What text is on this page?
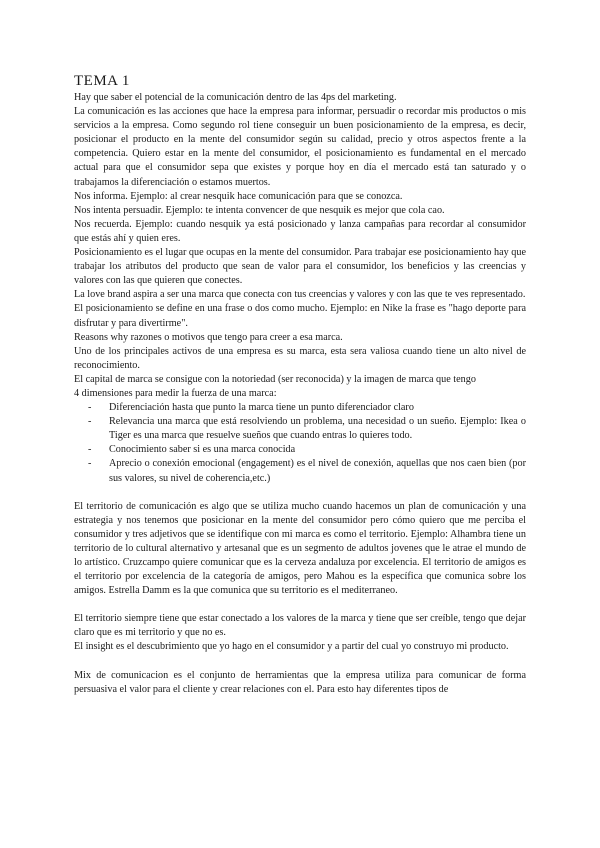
TEMA 1

Hay que saber el potencial de la comunicación dentro de las 4ps del marketing.

La comunicación es las acciones que hace la empresa para informar, persuadir o recordar mis productos o mis servicios a la empresa. Como segundo rol tiene conseguir un buen posicionamiento de la empresa, es decir, posicionar el producto en la mente del consumidor según su calidad, precio y otros aspectos frente a la competencia. Quiero estar en la mente del consumidor, el posicionamiento es fundamental en el mercado actual para que el consumidor sepa que existes y porque hoy en día el mercado está tan saturado y o trabajamos la diferenciación o estamos muertos.

Nos informa. Ejemplo: al crear nesquik hace comunicación para que se conozca.

Nos intenta persuadir. Ejemplo: te intenta convencer de que nesquik es mejor que cola cao.

Nos recuerda. Ejemplo: cuando nesquik ya está posicionado y lanza campañas para recordar al consumidor que estás ahí y quien eres.

Posicionamiento es el lugar que ocupas en la mente del consumidor. Para trabajar ese posicionamiento hay que trabajar los atributos del producto que sean de valor para el consumidor, los beneficios y las creencias y valores con las que quieren que conectes.

La love brand aspira a ser una marca que conecta con tus creencias y valores y con las que te ves representado.

El posicionamiento se define en una frase o dos como mucho. Ejemplo: en Nike la frase es "hago deporte para disfrutar y para divertirme".

Reasons why razones o motivos que tengo para creer a esa marca.

Uno de los principales activos de una empresa es su marca, esta sera valiosa cuando tiene un alto nivel de reconocimiento.

El capital de marca se consigue con la notoriedad (ser reconocida) y la imagen de marca que tengo

4 dimensiones para medir la fuerza de una marca:

- Diferenciación hasta que punto la marca tiene un punto diferenciador claro
- Relevancia una marca que está resolviendo un problema, una necesidad o un sueño. Ejemplo: Ikea o Tiger es una marca que resuelve sueños que cuando entras lo quieres todo.
- Conocimiento saber si es una marca conocida
- Aprecio o conexión emocional (engagement) es el nivel de conexión, aquellas que nos caen bien (por sus valores, su nivel de coherencia,etc.)

El territorio de comunicación es algo que se utiliza mucho cuando hacemos un plan de comunicación y una estrategia y nos tenemos que posicionar en la mente del consumidor pero cómo quiero que me perciba el consumidor y tres adjetivos que se identifique con mi marca es como el territorio. Ejemplo: Alhambra tiene un territorio de lo cultural alternativo y artesanal que es un segmento de adultos jovenes que le atrae el mundo de lo artístico. Cruzcampo quiere comunicar que es la cerveza andaluza por excelencia. El territorio de amigos es el territorio por excelencia de la categoría de amigos, pero Mahou es la específica que comunica sobre los amigos. Estrella Damm es la que comunica que su territorio es el mediterraneo.

El territorio siempre tiene que estar conectado a los valores de la marca y tiene que ser creíble, tengo que dejar claro que es mi territorio y que no es.

El insight es el descubrimiento que yo hago en el consumidor y a partir del cual yo construyo mi producto.

Mix de comunicacion es el conjunto de herramientas que la empresa utiliza para comunicar de forma persuasiva el valor para el cliente y crear relaciones con el. Para esto hay diferentes tipos de
